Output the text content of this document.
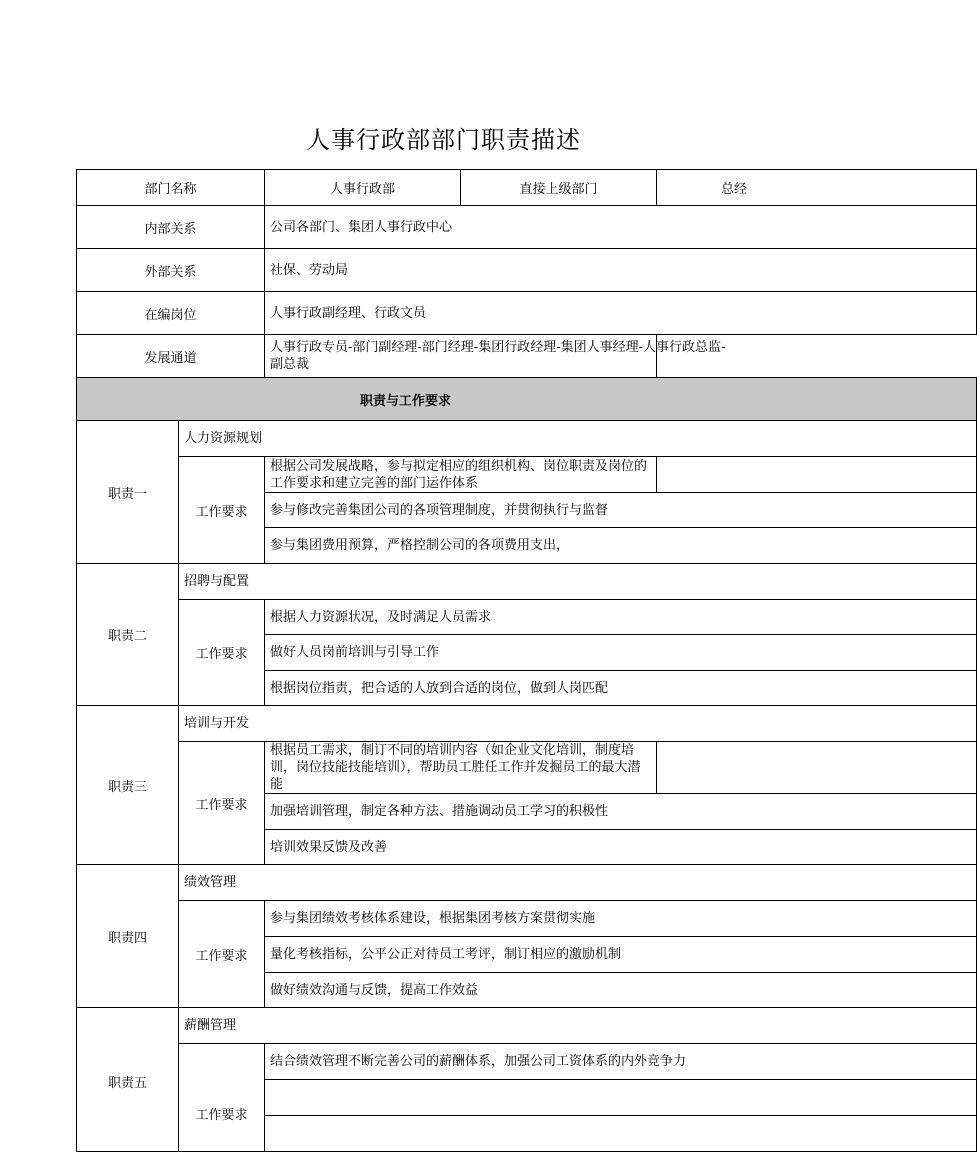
人事行政部部门职责描述
部门名称		人事行政部	直接上级部门	总经
内部关系		公司各部门、集团人事行政中心		
外部关系		社保、劳动局		
在编岗位		人事行政副经理、行政文员		
发展通道		人事行政专员-部门副经理-部门经理-集团行政经理-集团人事经理-人事行政总监-副总裁		

职责与工作要求				

职责一	人力资源规划			
	工作要求	根据公司发展战略，参与拟定相应的组织机构、岗位职责及岗位的工作要求和建立完善的部门运作体系		
		参与修改完善集团公司的各项管理制度，并贯彻执行与监督		
		参与集团费用预算，严格控制公司的各项费用支出，		
职责二	招聘与配置			
	工作要求	根据人力资源状况，及时满足人员需求		
		做好人员岗前培训与引导工作		
		根据岗位指责，把合适的人放到合适的岗位，做到人岗匹配		
职责三	培训与开发			
	工作要求	根据员工需求，制订不同的培训内容（如企业文化培训，制度培训，岗位技能技能培训），帮助员工胜任工作并发掘员工的最大潜能		
		加强培训管理，制定各种方法、措施调动员工学习的积极性		
		培训效果反馈及改善		
职责四	绩效管理			
	工作要求	参与集团绩效考核体系建设，根据集团考核方案贯彻实施		
		量化考核指标，公平公正对待员工考评，制订相应的激励机制		
		做好绩效沟通与反馈，提高工作效益		
职责五	薪酬管理			
	工作要求	结合绩效管理不断完善公司的薪酬体系，加强公司工资体系的内外竞争力		
